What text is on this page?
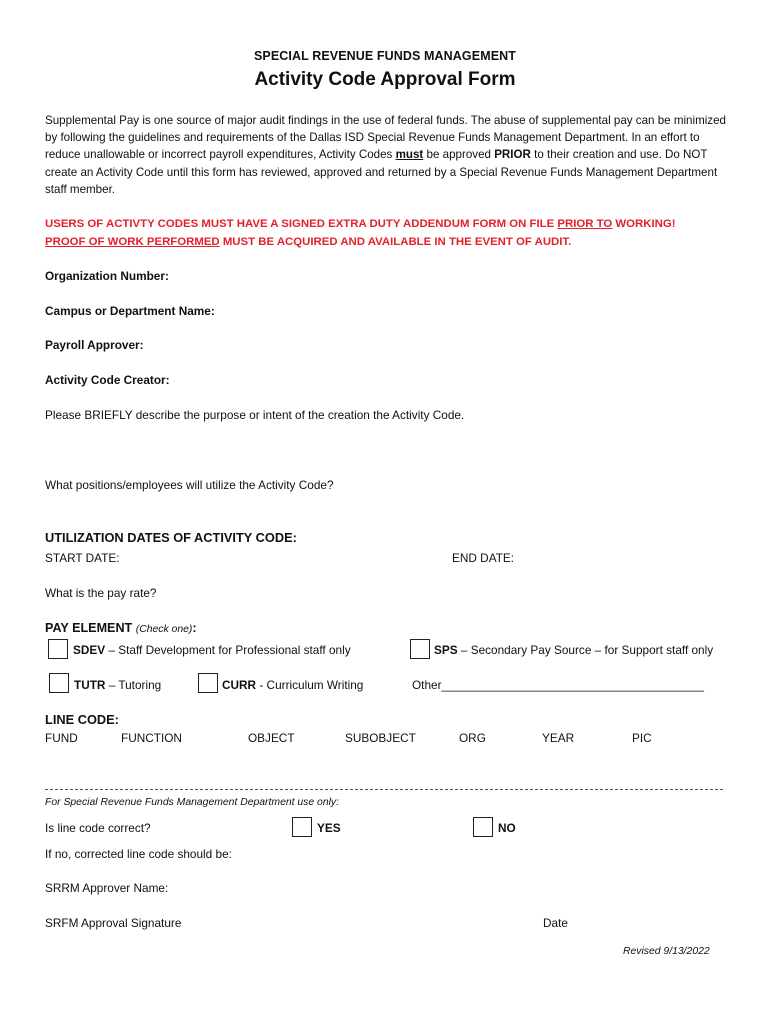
SPECIAL REVENUE FUNDS MANAGEMENT
Activity Code Approval Form
Supplemental Pay is one source of major audit findings in the use of federal funds. The abuse of supplemental pay can be minimized by following the guidelines and requirements of the Dallas ISD Special Revenue Funds Management Department. In an effort to reduce unallowable or incorrect payroll expenditures, Activity Codes must be approved PRIOR to their creation and use. Do NOT create an Activity Code until this form has reviewed, approved and returned by a Special Revenue Funds Management Department staff member.
USERS OF ACTIVTY CODES MUST HAVE A SIGNED EXTRA DUTY ADDENDUM FORM ON FILE PRIOR TO WORKING!
PROOF OF WORK PERFORMED MUST BE ACQUIRED AND AVAILABLE IN THE EVENT OF AUDIT.
Organization Number:
Campus or Department Name:
Payroll Approver:
Activity Code Creator:
Please BRIEFLY describe the purpose or intent of the creation the Activity Code.
What positions/employees will utilize the Activity Code?
UTILIZATION DATES OF ACTIVITY CODE:
START DATE:	END DATE:
What is the pay rate?
PAY ELEMENT (Check one):
SDEV – Staff Development for Professional staff only	SPS – Secondary Pay Source – for Support staff only
TUTR – Tutoring	CURR - Curriculum Writing	Other________________________________________
LINE CODE:
FUND	FUNCTION	OBJECT	SUBOBJECT	ORG	YEAR	PIC
For Special Revenue Funds Management Department use only:
Is line code correct?	YES	NO
If no, corrected line code should be:
SRRM Approver Name:
SRFM Approval Signature	Date
Revised 9/13/2022
